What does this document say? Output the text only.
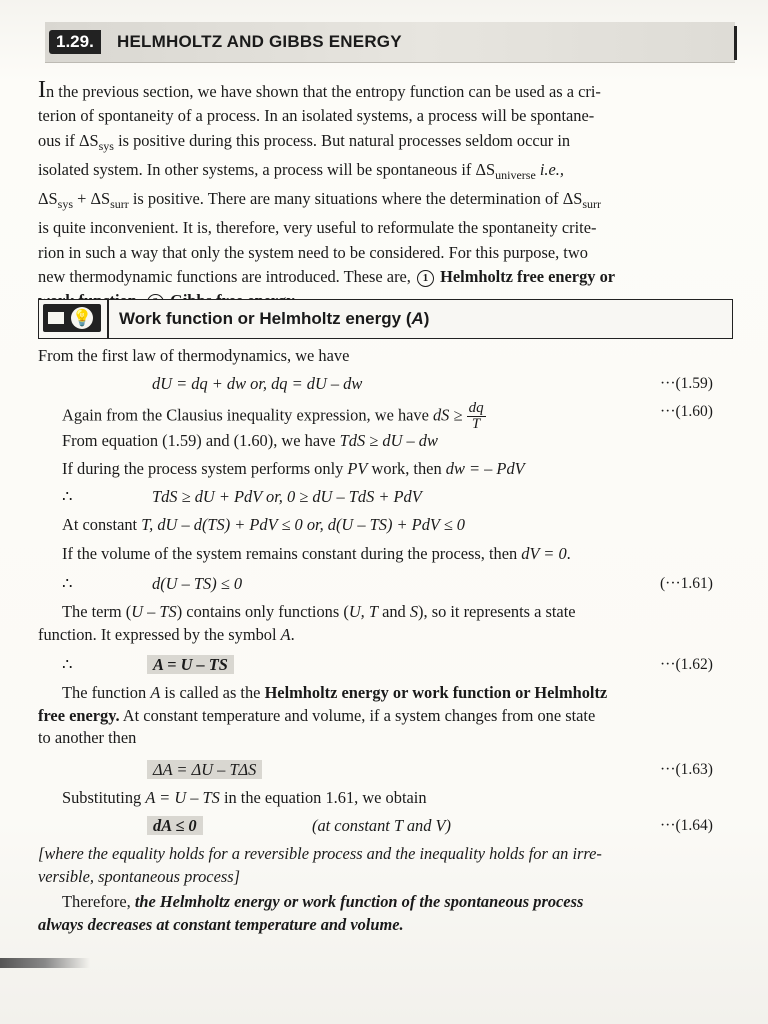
1.29.	HELMHOLTZ AND GIBBS ENERGY
In the previous section, we have shown that the entropy function can be used as a cri-
terion of spontaneity of a process. In an isolated systems, a process will be spontane-
ous if $\Delta S_{sys}$ is positive during this process. But natural processes seldom occur in
isolated system. In other systems, a process will be spontaneous if $\Delta S_{universe}$ i.e.,
$\Delta S_{sys} + \Delta S_{surr}$ is positive. There are many situations where the determination of $\Delta S_{surr}$
is quite inconvenient. It is, therefore, very useful to reformulate the spontaneity crite-
rion in such a way that only the system need to be considered. For this purpose, two
new thermodynamic functions are introduced. These are, 1 Helmholtz free energy or
💡 Work function or Helmholtz energy (A)
From the first law of thermodynamics, we have
dU = dq + dw or, dq = dU – dw	···(1.59)
Again from the Clausius inequality expression, we have dS ≥ $\frac{dq}{T}$	···(1.60)
From equation (1.59) and (1.60), we have TdS ≥ dU – dw
If during the process system performs only PV work, then dw = – PdV
∴	TdS ≥ dU + PdV or, 0 ≥ dU – TdS + PdV
At constant T, dU – d(TS) + PdV ≤ 0 or, d(U – TS) + PdV ≤ 0
If the volume of the system remains constant during the process, then dV = 0.
∴	d(U – TS) ≤ 0	(···1.61)
The term (U – TS) contains only functions (U, T and S), so it represents a state
function. It expressed by the symbol A.
∴	A = U – TS	···(1.62)
The function A is called as the Helmholtz energy or work function or Helmholtz
free energy. At constant temperature and volume, if a system changes from one state
to another then
ΔA = ΔU – TΔS	···(1.63)
Substituting A = U – TS in the equation 1.61, we obtain
dA ≤ 0	(at constant T and V)	···(1.64)
[where the equality holds for a reversible process and the inequality holds for an irre-
versible, spontaneous process]
Therefore, the Helmholtz energy or work function of the spontaneous process
always decreases at constant temperature and volume.
